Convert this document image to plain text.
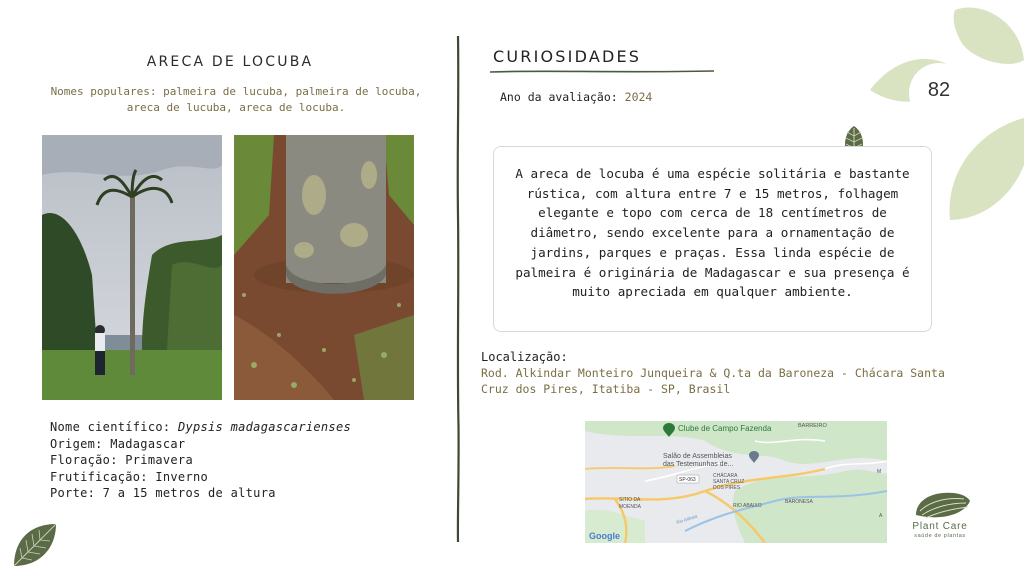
82
ARECA DE LOCUBA
Nomes populares: palmeira de lucuba, palmeira de locuba, areca de lucuba, areca de locuba.
Nome científico: Dypsis madagascarienses
Origem: Madagascar
Floração: Primavera
Frutificação: Inverno
Porte: 7 a 15 metros de altura
CURIOSIDADES
Ano da avaliação: 2024
A areca de locuba é uma espécie solitária e bastante rústica, com altura entre 7 e 15 metros, folhagem elegante e topo com cerca de 18 centímetros de diâmetro, sendo excelente para a ornamentação de jardins, parques e praças. Essa linda espécie de palmeira é originária de Madagascar e sua presença é muito apreciada em qualquer ambiente.
Localização:
Rod. Alkindar Monteiro Junqueira & Q.ta da Baroneza - Chácara Santa Cruz dos Pires, Itatiba - SP, Brasil
Clube de Campo Fazenda	BARREIRO
Salão de Assembleias
das Testemunhas de...
SP-063
CHÁCARA
SANTA CRUZ
DOS PIRES
SITIO DA
MOENDA	RIO ABAIXO
BARONESA
Rio Atibaia
M
A
Google
Plant Care
saúde de plantas
